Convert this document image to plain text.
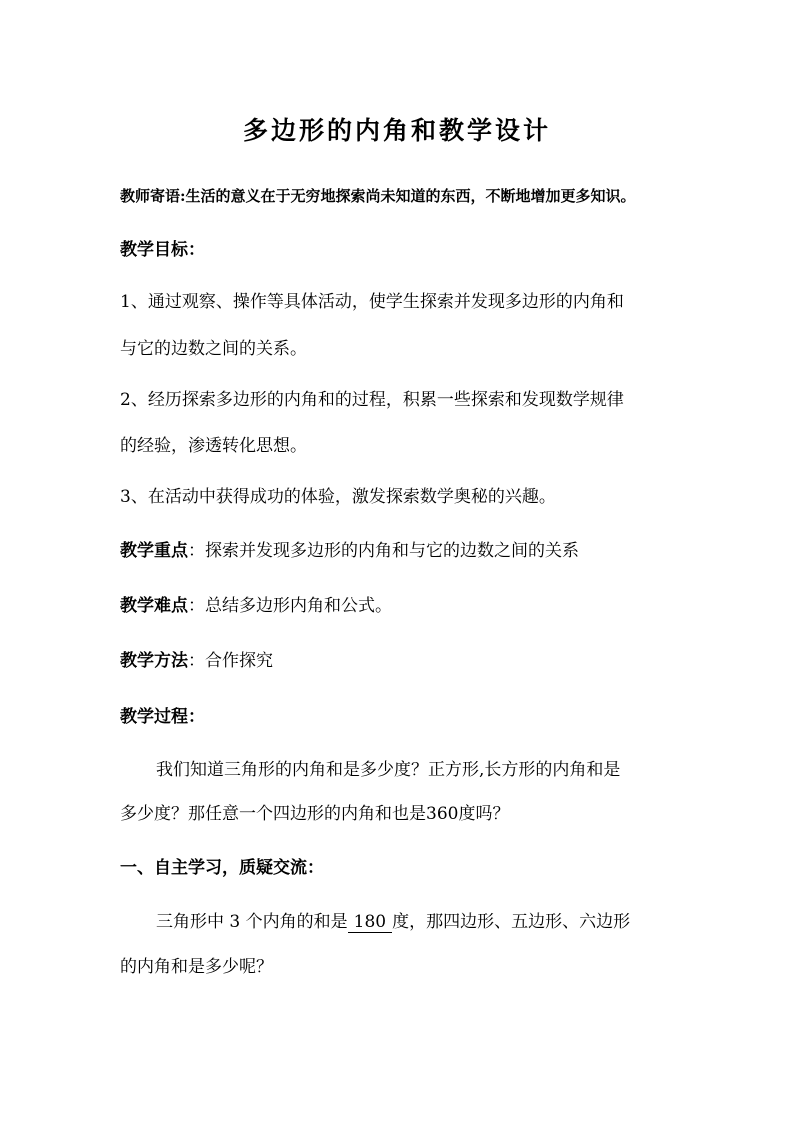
多边形的内角和教学设计
教师寄语:生活的意义在于无穷地探索尚未知道的东西，不断地增加更多知识。
教学目标：
1、通过观察、操作等具体活动，使学生探索并发现多边形的内角和
与它的边数之间的关系。
2、经历探索多边形的内角和的过程，积累一些探索和发现数学规律
的经验，渗透转化思想。
3、在活动中获得成功的体验，激发探索数学奥秘的兴趣。
教学重点：探索并发现多边形的内角和与它的边数之间的关系
教学难点：总结多边形内角和公式。
教学方法：合作探究
教学过程：
我们知道三角形的内角和是多少度？正方形,长方形的内角和是
多少度？那任意一个四边形的内角和也是360度吗？
一、自主学习，质疑交流：
三角形中 3 个内角的和是 180 度，那四边形、五边形、六边形
的内角和是多少呢？
